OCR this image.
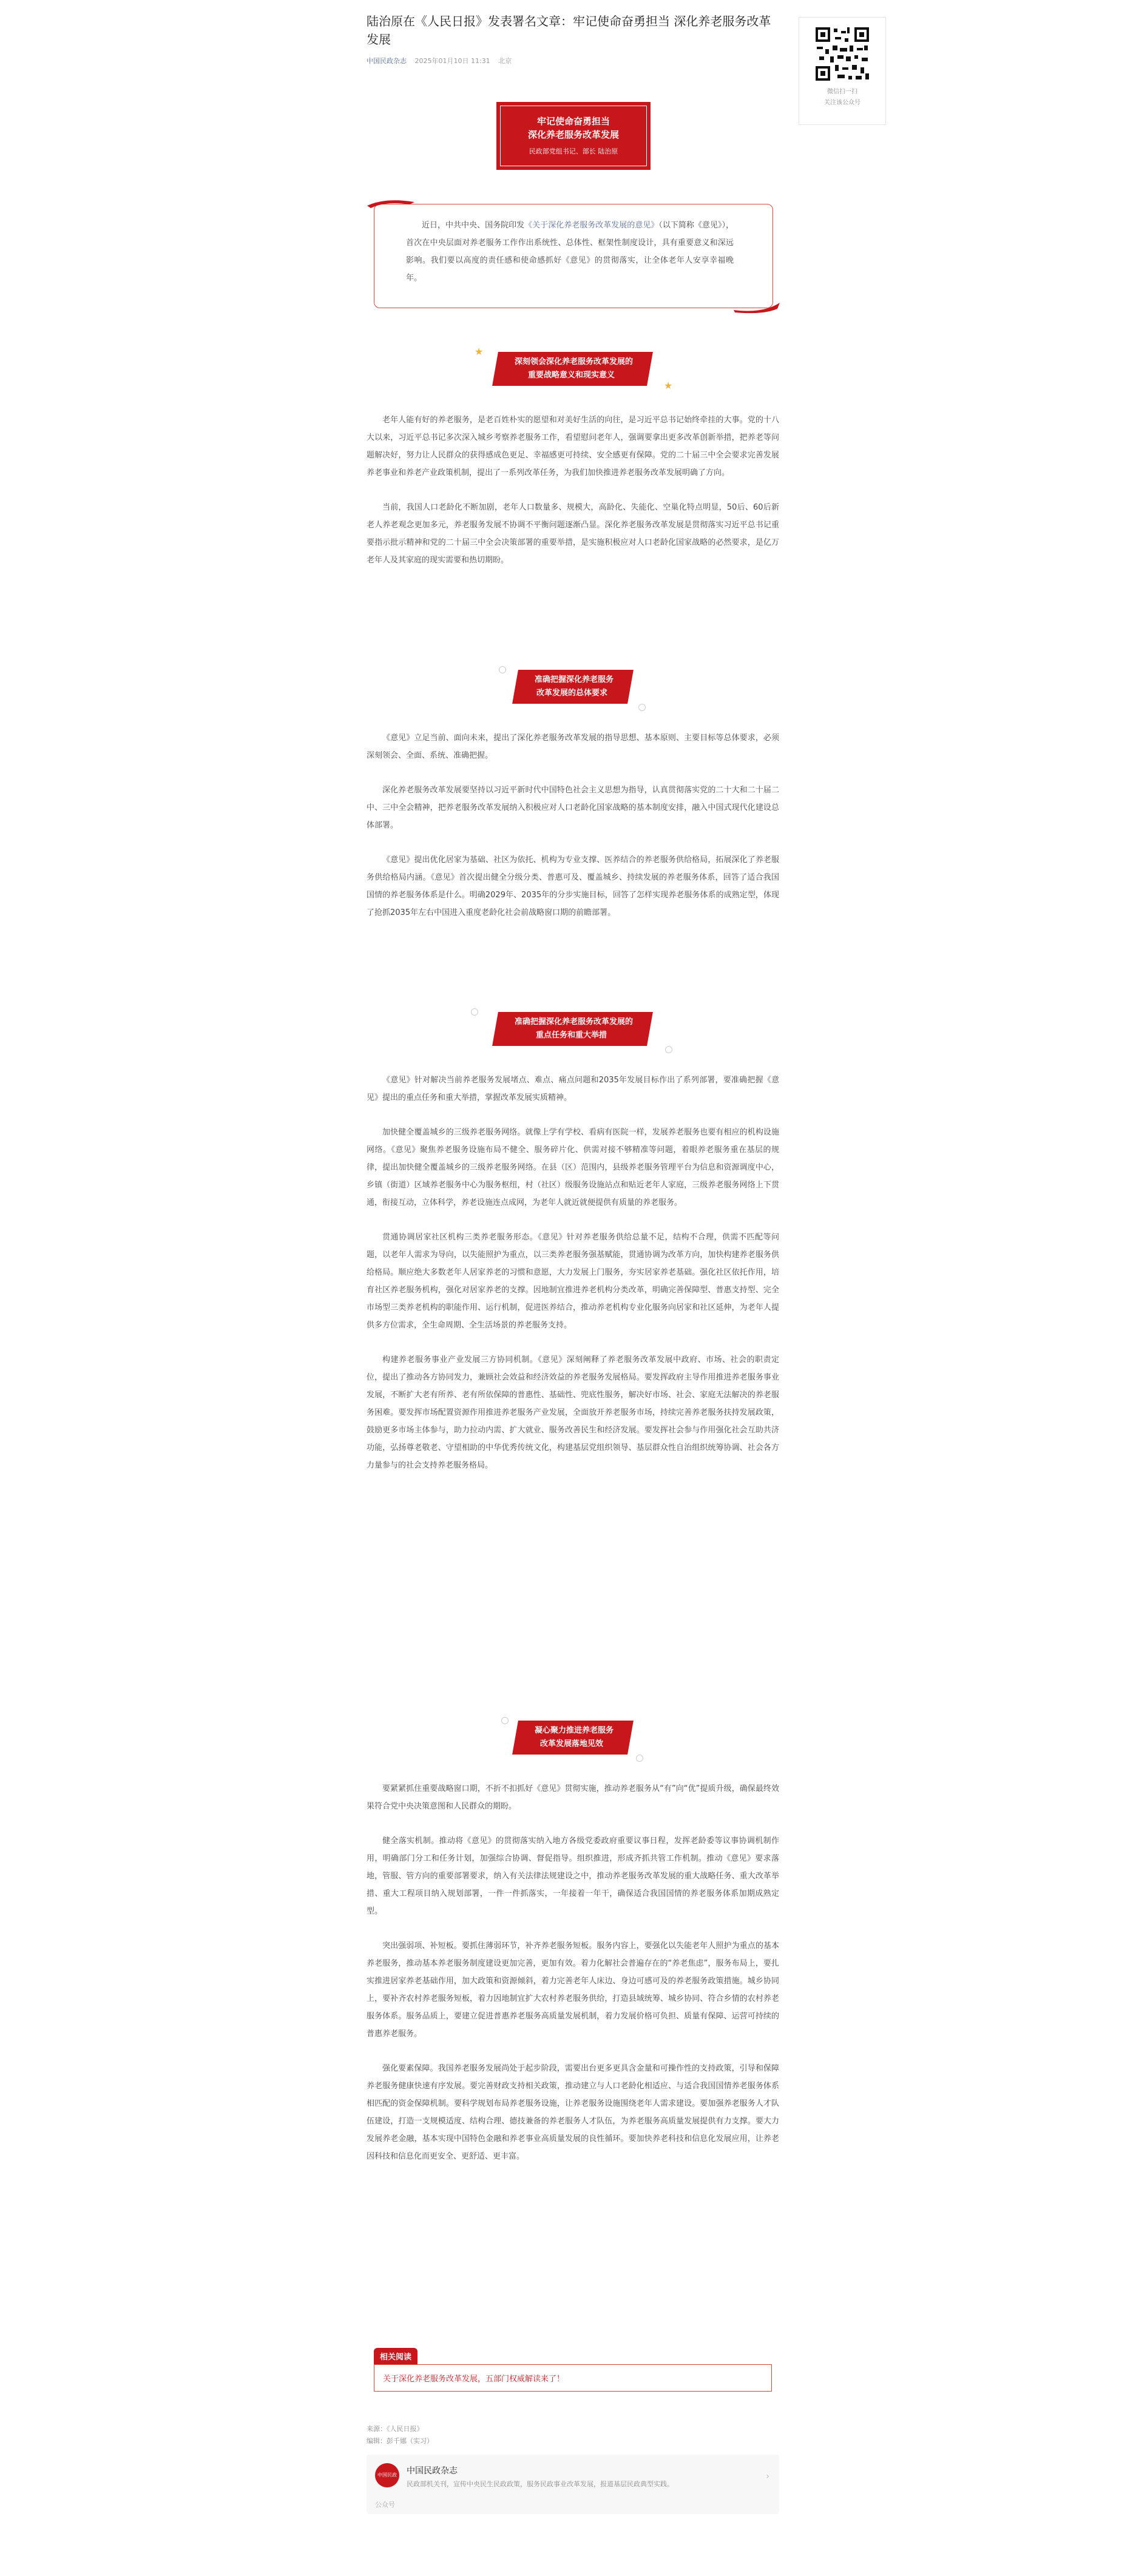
陆治原在《人民日报》发表署名文章：牢记使命奋勇担当 深化养老服务改革发展
中国民政杂志 2025年01月10日 11:31 北京
牢记使命奋勇担当
深化养老服务改革发展
民政部党组书记、部长 陆治原

近日，中共中央、国务院印发《关于深化养老服务改革发展的意见》（以下简称《意见》），首次在中央层面对养老服务工作作出系统性、总体性、框架性制度设计，具有重要意义和深远影响。我们要以高度的责任感和使命感抓好《意见》的贯彻落实，让全体老年人安享幸福晚年。

★
深刻领会深化养老服务改革发展的
重要战略意义和现实意义
★

老年人能有好的养老服务，是老百姓朴实的愿望和对美好生活的向往，是习近平总书记始终牵挂的大事。党的十八大以来，习近平总书记多次深入城乡考察养老服务工作，看望慰问老年人，强调要拿出更多改革创新举措，把养老等问题解决好，努力让人民群众的获得感成色更足、幸福感更可持续、安全感更有保障。党的二十届三中全会要求完善发展养老事业和养老产业政策机制，提出了一系列改革任务，为我们加快推进养老服务改革发展明确了方向。

当前，我国人口老龄化不断加剧，老年人口数量多、规模大，高龄化、失能化、空巢化特点明显，50后、60后新老人养老观念更加多元，养老服务发展不协调不平衡问题逐渐凸显。深化养老服务改革发展是贯彻落实习近平总书记重要指示批示精神和党的二十届三中全会决策部署的重要举措，是实施积极应对人口老龄化国家战略的必然要求，是亿万老年人及其家庭的现实需要和热切期盼。

准确把握深化养老服务
改革发展的总体要求

《意见》立足当前、面向未来，提出了深化养老服务改革发展的指导思想、基本原则、主要目标等总体要求，必须深刻领会、全面、系统、准确把握。

深化养老服务改革发展要坚持以习近平新时代中国特色社会主义思想为指导，认真贯彻落实党的二十大和二十届二中、三中全会精神，把养老服务改革发展纳入积极应对人口老龄化国家战略的基本制度安排，融入中国式现代化建设总体部署。

《意见》提出优化居家为基础、社区为依托、机构为专业支撑、医养结合的养老服务供给格局，拓展深化了养老服务供给格局内涵。《意见》首次提出健全分级分类、普惠可及、覆盖城乡、持续发展的养老服务体系，回答了适合我国国情的养老服务体系是什么。明确2029年、2035年的分步实施目标，回答了怎样实现养老服务体系的成熟定型，体现了抢抓2035年左右中国进入重度老龄化社会前战略窗口期的前瞻部署。

准确把握深化养老服务改革发展的
重点任务和重大举措

《意见》针对解决当前养老服务发展堵点、难点、痛点问题和2035年发展目标作出了系列部署，要准确把握《意见》提出的重点任务和重大举措，掌握改革发展实质精神。

加快健全覆盖城乡的三级养老服务网络。就像上学有学校、看病有医院一样，发展养老服务也要有相应的机构设施网络。《意见》聚焦养老服务设施布局不健全、服务碎片化、供需对接不够精准等问题，着眼养老服务重在基层的规律，提出加快健全覆盖城乡的三级养老服务网络。在县（区）范围内，县级养老服务管理平台为信息和资源调度中心，乡镇（街道）区域养老服务中心为服务枢纽，村（社区）级服务设施站点和贴近老年人家庭，三级养老服务网络上下贯通，衔接互动，立体科学，养老设施连点成网，为老年人就近就便提供有质量的养老服务。

贯通协调居家社区机构三类养老服务形态。《意见》针对养老服务供给总量不足，结构不合理，供需不匹配等问题，以老年人需求为导向，以失能照护为重点，以三类养老服务强基赋能，贯通协调为改革方向，加快构建养老服务供给格局。顺应绝大多数老年人居家养老的习惯和意愿，大力发展上门服务，夯实居家养老基础。强化社区依托作用，培育社区养老服务机构，强化对居家养老的支撑。因地制宜推进养老机构分类改革，明确完善保障型、普惠支持型、完全市场型三类养老机构的职能作用、运行机制，促进医养结合，推动养老机构专业化服务向居家和社区延伸，为老年人提供多方位需求，全生命周期、全生活场景的养老服务支持。

构建养老服务事业产业发展三方协同机制。《意见》深刻阐释了养老服务改革发展中政府、市场、社会的职责定位，提出了推动各方协同发力，兼顾社会效益和经济效益的养老服务发展格局。要发挥政府主导作用推进养老服务事业发展，不断扩大老有所养、老有所依保障的普惠性、基础性、兜底性服务，解决好市场、社会、家庭无法解决的养老服务困难。要发挥市场配置资源作用推进养老服务产业发展，全面放开养老服务市场，持续完善养老服务扶持发展政策，鼓励更多市场主体参与，助力拉动内需、扩大就业、服务改善民生和经济发展。要发挥社会参与作用强化社会互助共济功能，弘扬尊老敬老、守望相助的中华优秀传统文化，构建基层党组织领导、基层群众性自治组织统筹协调、社会各方力量参与的社会支持养老服务格局。

凝心聚力推进养老服务
改革发展落地见效

要紧紧抓住重要战略窗口期，不折不扣抓好《意见》贯彻实施，推动养老服务从“有”向“优”提质升级，确保最终效果符合党中央决策意图和人民群众的期盼。

健全落实机制。推动将《意见》的贯彻落实纳入地方各级党委政府重要议事日程，发挥老龄委等议事协调机制作用，明确部门分工和任务计划，加强综合协调、督促指导。组织推进，形成齐抓共管工作机制。推动《意见》要求落地，管服、管方向的重要部署要求，纳入有关法律法规建设之中，推动养老服务改革发展的重大战略任务、重大改革举措、重大工程项目纳入规划部署，一件一件抓落实，一年接着一年干，确保适合我国国情的养老服务体系加期成熟定型。

突出强弱项、补短板。要抓住薄弱环节，补齐养老服务短板。服务内容上，要强化以失能老年人照护为重点的基本养老服务，推动基本养老服务制度建设更加完善，更加有效。着力化解社会普遍存在的“养老焦虑”，服务布局上，要扎实推进居家养老基础作用，加大政策和资源倾斜，着力完善老年人床边、身边可感可及的养老服务政策措施。城乡协同上，要补齐农村养老服务短板，着力因地制宜扩大农村养老服务供给，打造县域统筹、城乡协同、符合乡情的农村养老服务体系。服务品质上，要建立促进普惠养老服务高质量发展机制，着力发展价格可负担、质量有保障、运营可持续的普惠养老服务。

强化要素保障。我国养老服务发展尚处于起步阶段，需要出台更多更具含金量和可操作性的支持政策，引导和保障养老服务健康快速有序发展。要完善财政支持相关政策，推动建立与人口老龄化相适应、与适合我国国情养老服务体系相匹配的资金保障机制。要科学规划布局养老服务设施，让养老服务设施围绕老年人需求建设。要加强养老服务人才队伍建设，打造一支规模适度、结构合理、德技兼备的养老服务人才队伍，为养老服务高质量发展提供有力支撑。要大力发展养老金融，基本实现中国特色金融和养老事业高质量发展的良性循环。要加快养老科技和信息化发展应用，让养老因科技和信息化而更安全、更舒适、更丰富。

相关阅读
关于深化养老服务改革发展，五部门权威解读来了！
来源：《人民日报》
编辑：彭千娜（实习）
中国民政 中国民政杂志
民政部机关刊，宣传中央民生民政政策，服务民政事业改革发展，报道基层民政典型实践。
›
公众号
微信扫一扫
关注该公众号
